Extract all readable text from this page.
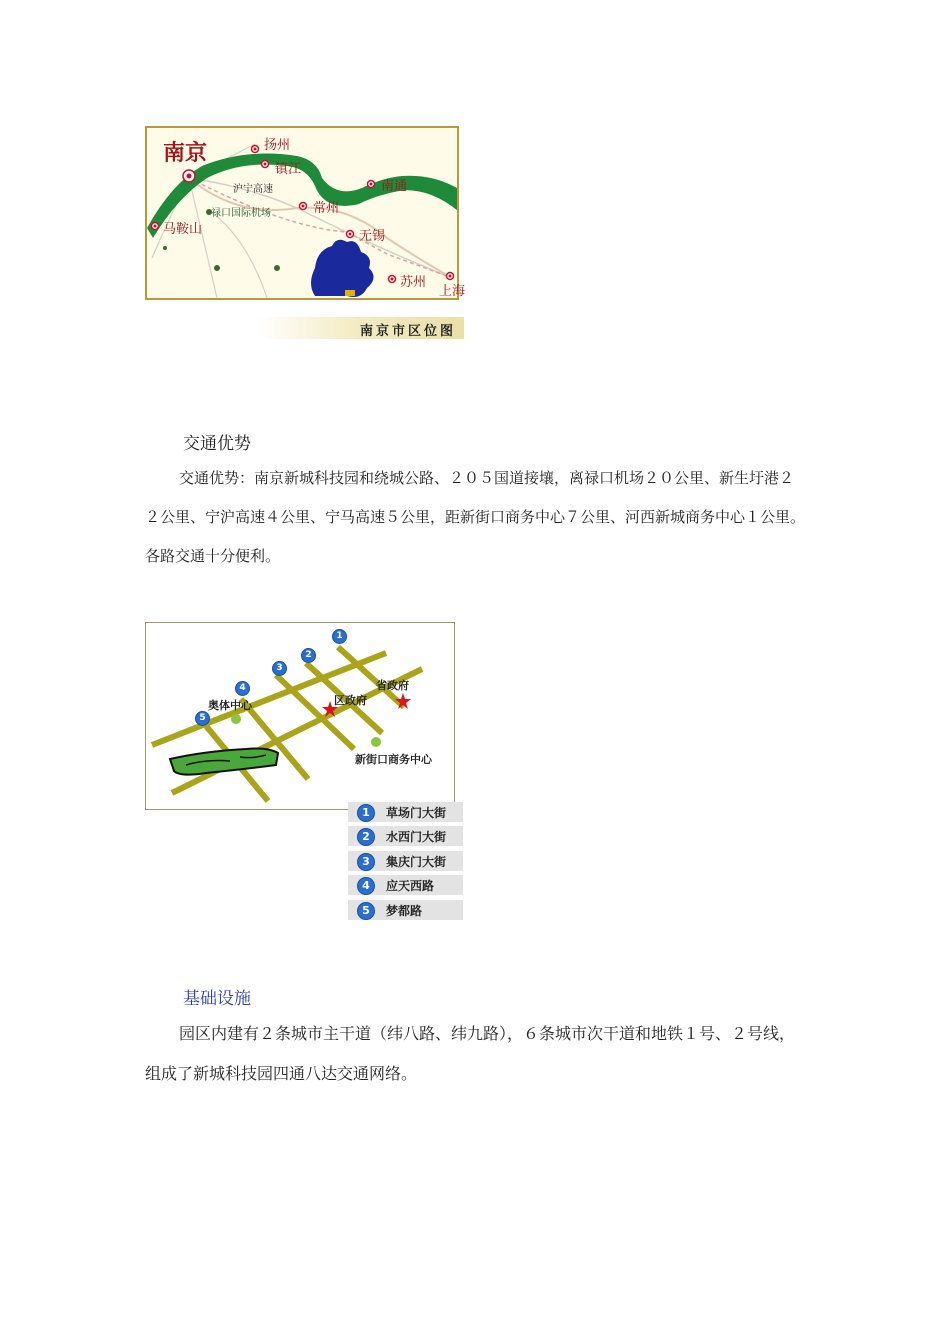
南京	扬州
镇江
沪宁高速
常州
南通
禄口国际机场
马鞍山	无锡
苏州
上海
南京市区位图
交通优势
交通优势：南京新城科技园和绕城公路、２０５国道接壤，离禄口机场２０公里、新生圩港２２公里、宁沪高速４公里、宁马高速５公里，距新街口商务中心７公里、河西新城商务中心１公里。各路交通十分便利。
1
2
3
4
5
奥体中心	区政府
省政府
新街口商务中心
1	草场门大街
2	水西门大街
3	集庆门大街
4	应天西路
5	梦都路
基础设施
园区内建有２条城市主干道（纬八路、纬九路），６条城市次干道和地铁１号、２号线，组成了新城科技园四通八达交通网络。
